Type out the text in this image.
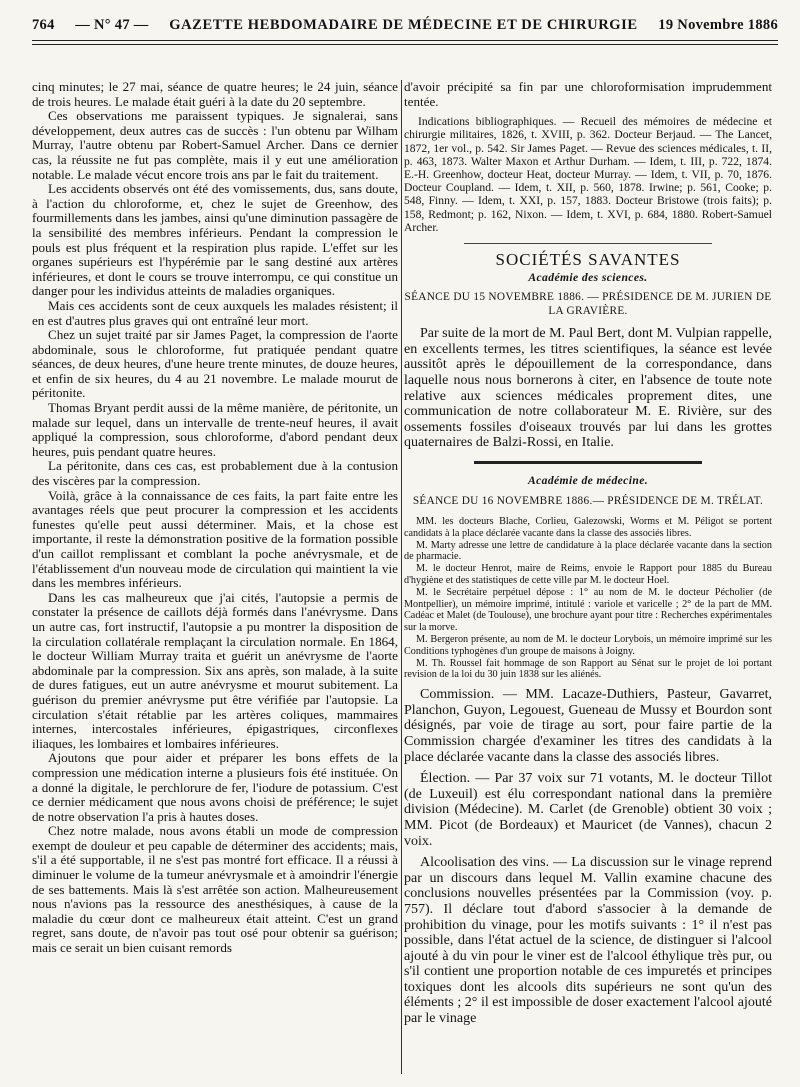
764 — N° 47 — GAZETTE HEBDOMADAIRE DE MÉDECINE ET DE CHIRURGIE 19 Novembre 1886

cinq minutes; le 27 mai, séance de quatre heures; le 24 juin, séance de trois heures. Le malade était guéri à la date du 20 septembre.

Ces observations me paraissent typiques. Je signalerai, sans développement, deux autres cas de succès : l'un obtenu par Wilham Murray, l'autre obtenu par Robert-Samuel Archer. Dans ce dernier cas, la réussite ne fut pas complète, mais il y eut une amélioration notable. Le malade vécut encore trois ans par le fait du traitement.

Les accidents observés ont été des vomissements, dus, sans doute, à l'action du chloroforme, et, chez le sujet de Greenhow, des fourmillements dans les jambes, ainsi qu'une diminution passagère de la sensibilité des membres inférieurs. Pendant la compression le pouls est plus fréquent et la respiration plus rapide. L'effet sur les organes supérieurs est l'hypérémie par le sang destiné aux artères inférieures, et dont le cours se trouve interrompu, ce qui constitue un danger pour les individus atteints de maladies organiques.

Mais ces accidents sont de ceux auxquels les malades résistent; il en est d'autres plus graves qui ont entraîné leur mort.

Chez un sujet traité par sir James Paget, la compression de l'aorte abdominale, sous le chloroforme, fut pratiquée pendant quatre séances, de deux heures, d'une heure trente minutes, de douze heures, et enfin de six heures, du 4 au 21 novembre. Le malade mourut de péritonite.

Thomas Bryant perdit aussi de la même manière, de péritonite, un malade sur lequel, dans un intervalle de trente-neuf heures, il avait appliqué la compression, sous chloroforme, d'abord pendant deux heures, puis pendant quatre heures.

La péritonite, dans ces cas, est probablement due à la contusion des viscères par la compression.

Voilà, grâce à la connaissance de ces faits, la part faite entre les avantages réels que peut procurer la compression et les accidents funestes qu'elle peut aussi déterminer. Mais, et la chose est importante, il reste la démonstration positive de la formation possible d'un caillot remplissant et comblant la poche anévrysmale, et de l'établissement d'un nouveau mode de circulation qui maintient la vie dans les membres inférieurs.

Dans les cas malheureux que j'ai cités, l'autopsie a permis de constater la présence de caillots déjà formés dans l'anévrysme. Dans un autre cas, fort instructif, l'autopsie a pu montrer la disposition de la circulation collatérale remplaçant la circulation normale. En 1864, le docteur William Murray traita et guérit un anévrysme de l'aorte abdominale par la compression. Six ans après, son malade, à la suite de dures fatigues, eut un autre anévrysme et mourut subitement. La guérison du premier anévrysme put être vérifiée par l'autopsie. La circulation s'était rétablie par les artères coliques, mammaires internes, intercostales inférieures, épigastriques, circonflexes iliaques, les lombaires et lombaires inférieures.

Ajoutons que pour aider et préparer les bons effets de la compression une médication interne a plusieurs fois été instituée. On a donné la digitale, le perchlorure de fer, l'iodure de potassium. C'est ce dernier médicament que nous avons choisi de préférence; le sujet de notre observation l'a pris à hautes doses.

Chez notre malade, nous avons établi un mode de compression exempt de douleur et peu capable de déterminer des accidents; mais, s'il a été supportable, il ne s'est pas montré fort efficace. Il a réussi à diminuer le volume de la tumeur anévrysmale et à amoindrir l'énergie de ses battements. Mais là s'est arrêtée son action. Malheureusement nous n'avions pas la ressource des anesthésiques, à cause de la maladie du cœur dont ce malheureux était atteint. C'est un grand regret, sans doute, de n'avoir pas tout osé pour obtenir sa guérison; mais ce serait un bien cuisant remords

d'avoir précipité sa fin par une chloroformisation imprudemment tentée.

Indications bibliographiques. — Recueil des mémoires de médecine et chirurgie militaires, 1826, t. XVIII, p. 362. Docteur Berjaud. — The Lancet, 1872, 1er vol., p. 542. Sir James Paget. — Revue des sciences médicales, t. II, p. 463, 1873. Walter Maxon et Arthur Durham. — Idem, t. III, p. 722, 1874. E.-H. Greenhow, docteur Heat, docteur Murray. — Idem, t. VII, p. 70, 1876. Docteur Coupland. — Idem, t. XII, p. 560, 1878. Irwine; p. 561, Cooke; p. 548, Finny. — Idem, t. XXI, p. 157, 1883. Docteur Bristowe (trois faits); p. 158, Redmont; p. 162, Nixon. — Idem, t. XVI, p. 684, 1880. Robert-Samuel Archer.

SOCIÉTÉS SAVANTES
Académie des sciences.
SÉANCE DU 15 NOVEMBRE 1886. — PRÉSIDENCE DE M. JURIEN DE LA GRAVIÈRE.

Par suite de la mort de M. Paul Bert, dont M. Vulpian rappelle, en excellents termes, les titres scientifiques, la séance est levée aussitôt après le dépouillement de la correspondance, dans laquelle nous nous bornerons à citer, en l'absence de toute note relative aux sciences médicales proprement dites, une communication de notre collaborateur M. E. Rivière, sur des ossements fossiles d'oiseaux trouvés par lui dans les grottes quaternaires de Balzi-Rossi, en Italie.

Académie de médecine.
SÉANCE DU 16 NOVEMBRE 1886.— PRÉSIDENCE DE M. TRÉLAT.

MM. les docteurs Blache, Corlieu, Galezowski, Worms et M. Péligot se portent candidats à la place déclarée vacante dans la classe des associés libres.

M. Marty adresse une lettre de candidature à la place déclarée vacante dans la section de pharmacie.

M. le docteur Henrot, maire de Reims, envoie le Rapport pour 1885 du Bureau d'hygiène et des statistiques de cette ville par M. le docteur Hoel.

M. le Secrétaire perpétuel dépose : 1° au nom de M. le docteur Pécholier (de Montpellier), un mémoire imprimé, intitulé : variole et varicelle ; 2° de la part de MM. Cadéac et Malet (de Toulouse), une brochure ayant pour titre : Recherches expérimentales sur la morve.

M. Bergeron présente, au nom de M. le docteur Lorybois, un mémoire imprimé sur les Conditions typhogènes d'un groupe de maisons à Joigny.

M. Th. Roussel fait hommage de son Rapport au Sénat sur le projet de loi portant revision de la loi du 30 juin 1838 sur les aliénés.

Commission. — MM. Lacaze-Duthiers, Pasteur, Gavarret, Planchon, Guyon, Legouest, Gueneau de Mussy et Bourdon sont désignés, par voie de tirage au sort, pour faire partie de la Commission chargée d'examiner les titres des candidats à la place déclarée vacante dans la classe des associés libres.

Élection. — Par 37 voix sur 71 votants, M. le docteur Tillot (de Luxeuil) est élu correspondant national dans la première division (Médecine). M. Carlet (de Grenoble) obtient 30 voix ; MM. Picot (de Bordeaux) et Mauricet (de Vannes), chacun 2 voix.

Alcoolisation des vins. — La discussion sur le vinage reprend par un discours dans lequel M. Vallin examine chacune des conclusions nouvelles présentées par la Commission (voy. p. 757). Il déclare tout d'abord s'associer à la demande de prohibition du vinage, pour les motifs suivants : 1° il n'est pas possible, dans l'état actuel de la science, de distinguer si l'alcool ajouté à du vin pour le viner est de l'alcool éthylique très pur, ou s'il contient une proportion notable de ces impuretés et principes toxiques dont les alcools dits supérieurs ne sont qu'un des éléments ; 2° il est impossible de doser exactement l'alcool ajouté par le vinage
